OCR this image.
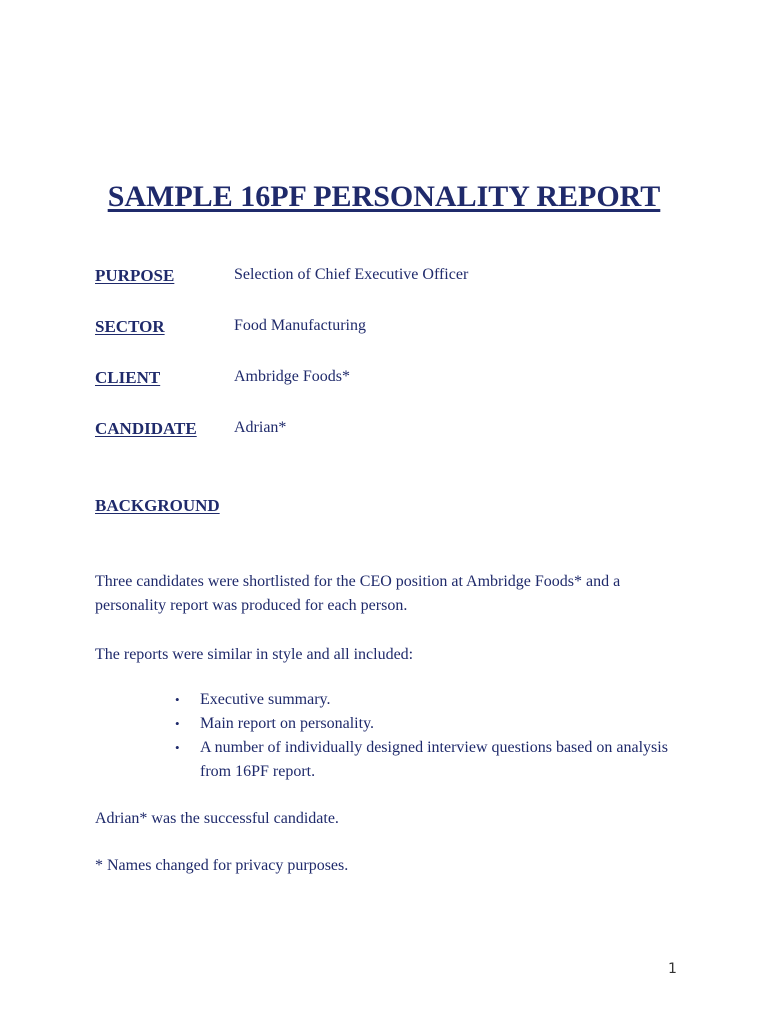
SAMPLE 16PF PERSONALITY REPORT
PURPOSE	Selection of Chief Executive Officer
SECTOR	Food Manufacturing
CLIENT	Ambridge Foods*
CANDIDATE Adrian*
BACKGROUND

Three candidates were shortlisted for the CEO position at Ambridge Foods* and a personality report was produced for each person.

The reports were similar in style and all included:

• Executive summary.
• Main report on personality.
• A number of individually designed interview questions based on analysis from 16PF report.

Adrian* was the successful candidate.

* Names changed for privacy purposes.

1
